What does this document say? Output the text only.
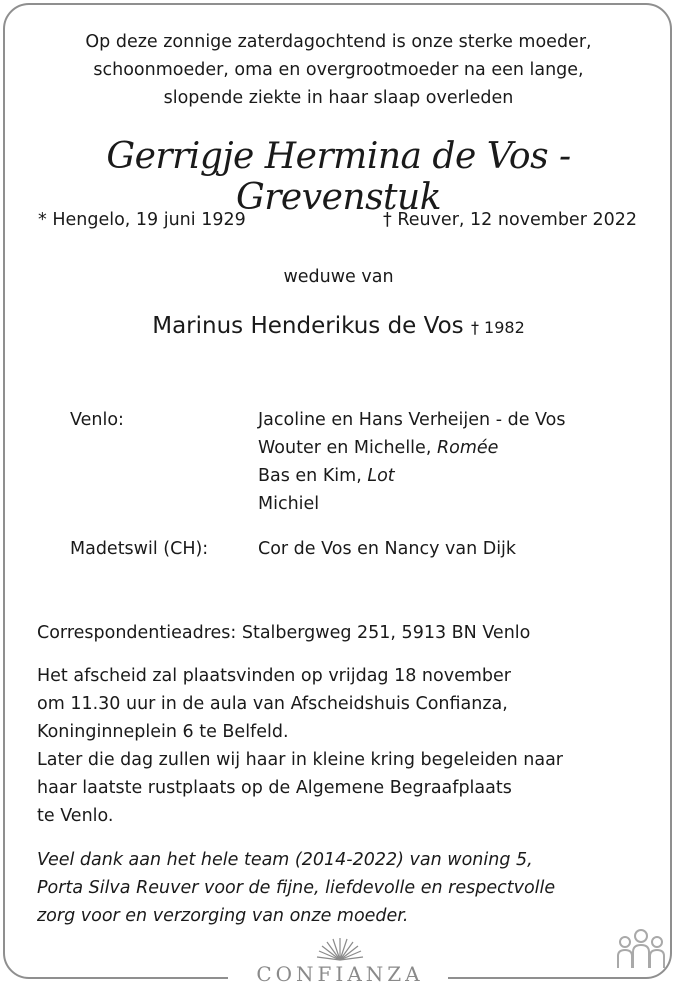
Op deze zonnige zaterdagochtend is onze sterke moeder,
schoonmoeder, oma en overgrootmoeder na een lange,
slopende ziekte in haar slaap overleden
Gerrigje Hermina de Vos - Grevenstuk
* Hengelo, 19 juni 1929	† Reuver, 12 november 2022
weduwe van
Marinus Henderikus de Vos † 1982
Venlo:	Jacoline en Hans Verheijen - de Vos
Wouter en Michelle, Romée
Bas en Kim, Lot
Michiel
Madetswil (CH):	Cor de Vos en Nancy van Dijk
Correspondentieadres: Stalbergweg 251, 5913 BN Venlo
Het afscheid zal plaatsvinden op vrijdag 18 november
om 11.30 uur in de aula van Afscheidshuis Confianza,
Koninginneplein 6 te Belfeld.
Later die dag zullen wij haar in kleine kring begeleiden naar
haar laatste rustplaats op de Algemene Begraafplaats
te Venlo.
Veel dank aan het hele team (2014-2022) van woning 5,
Porta Silva Reuver voor de fijne, liefdevolle en respectvolle
zorg voor en verzorging van onze moeder.
CONFIANZA
